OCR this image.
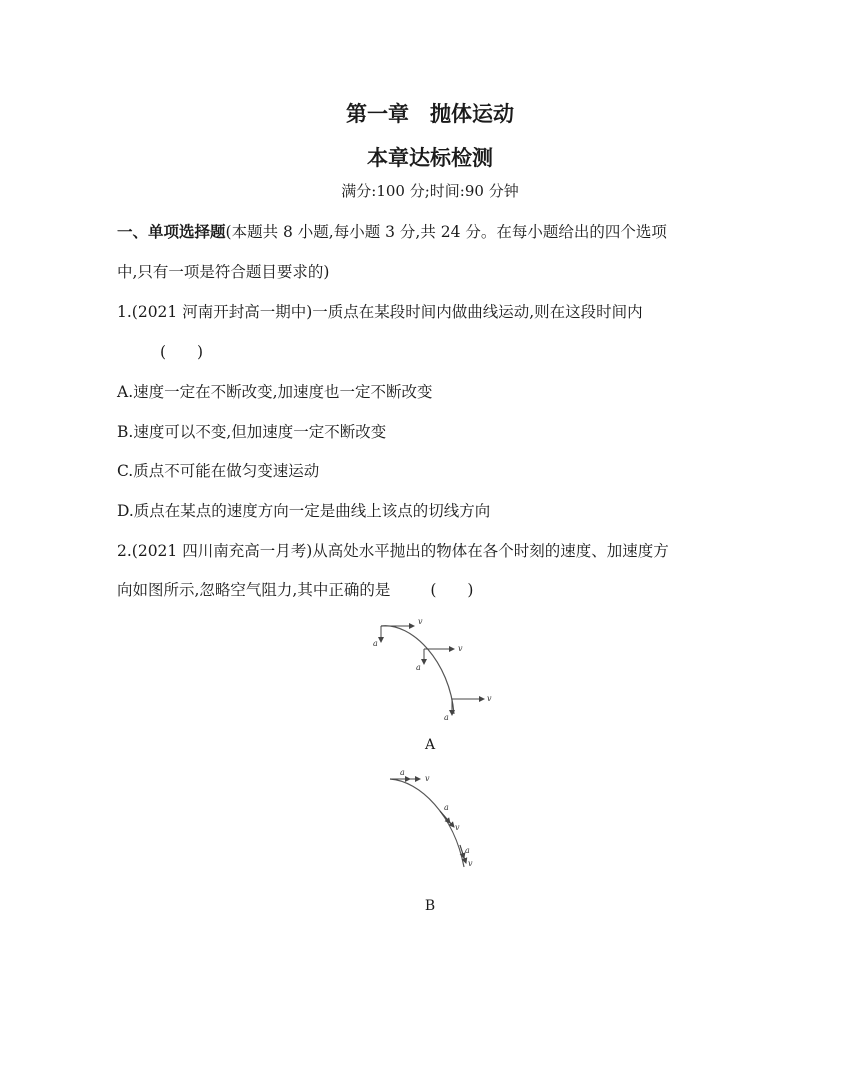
第一章　抛体运动
本章达标检测
满分:100 分;时间:90 分钟
一、单项选择题(本题共 8 小题,每小题 3 分,共 24 分。在每小题给出的四个选项
中,只有一项是符合题目要求的)
1.(2021 河南开封高一期中)一质点在某段时间内做曲线运动,则在这段时间内
(　　)
A.速度一定在不断改变,加速度也一定不断改变
B.速度可以不变,但加速度一定不断改变
C.质点不可能在做匀变速运动
D.质点在某点的速度方向一定是曲线上该点的切线方向
2.(2021 四川南充高一月考)从高处水平抛出的物体在各个时刻的速度、加速度方
向如图所示,忽略空气阻力,其中正确的是	(　　)
v
a
a
v
v
a
A
a
v
a
v
a
v
B
